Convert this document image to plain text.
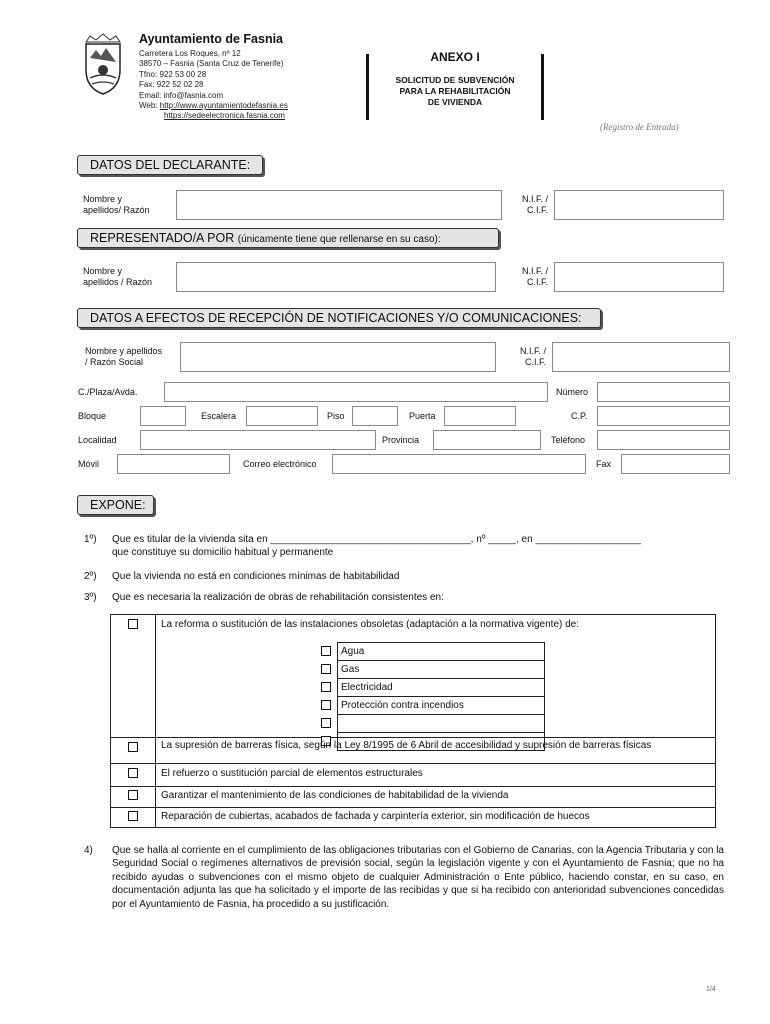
Ayuntamiento de Fasnia
Carretera Los Roques, nº 12
38570 – Fasnia (Santa Cruz de Tenerife)
Tfno: 922 53 00 28
Fax: 922 52 02 28
Email: info@fasnia.com
Web: http://www.ayuntamientodefasnia.es
https://sedeelectronica.fasnia.com
ANEXO I
SOLICITUD DE SUBVENCIÓN
PARA LA REHABILITACIÓN
DE VIVIENDA
(Registro de Entrada)
DATOS DEL DECLARANTE:
Nombre y
apellidos/ Razón
N.I.F. /
C.I.F.
REPRESENTADO/A POR (únicamente tiene que rellenarse en su caso):
Nombre y
apellidos / Razón
N.I.F. /
C.I.F.
DATOS A EFECTOS DE RECEPCIÓN DE NOTIFICACIONES Y/O COMUNICACIONES:
Nombre y apellidos
/ Razón Social
N.I.F. /
C.I.F.
C./Plaza/Avda.	Número
Bloque	Escalera	Piso	Puerta	C.P.
Localidad	Provincia	Teléfono
Móvil	Correo electrónico	Fax
EXPONE:
1º) Que es titular de la vivienda sita en ____________________________________, nº _____, en ___________________
que constituye su domicilio habitual y permanente
2º) Que la vivienda no está en condiciones mínimas de habitabilidad
3º) Que es necesaria la realización de obras de rehabilitación consistentes en:
La reforma o sustitución de las instalaciones obsoletas (adaptación a la normativa vigente) de:
	Agua
	Gas
	Electricidad
	Protección contra incendios

La supresión de barreras física, según la Ley 8/1995 de 6 Abril de accesibilidad y supresión de barreras físicas
El refuerzo o sustitución parcial de elementos estructurales
Garantizar el mantenimiento de las condiciones de habitabilidad de la vivienda
Reparación de cubiertas, acabados de fachada y carpintería exterior, sin modificación de huecos
4) Que se halla al corriente en el cumplimiento de las obligaciones tributarias con el Gobierno de Canarias, con la Agencia Tributaria y con la Seguridad Social o regímenes alternativos de previsión social, según la legislación vigente y con el Ayuntamiento de Fasnia; que no ha recibido ayudas o subvenciones con el mismo objeto de cualquier Administración o Ente público, haciendo constar, en su caso, en documentación adjunta las que ha solicitado y el importe de las recibidas y que si ha recibido con anterioridad subvenciones concedidas por el Ayuntamiento de Fasnia, ha procedido a su justificación.
1/4
